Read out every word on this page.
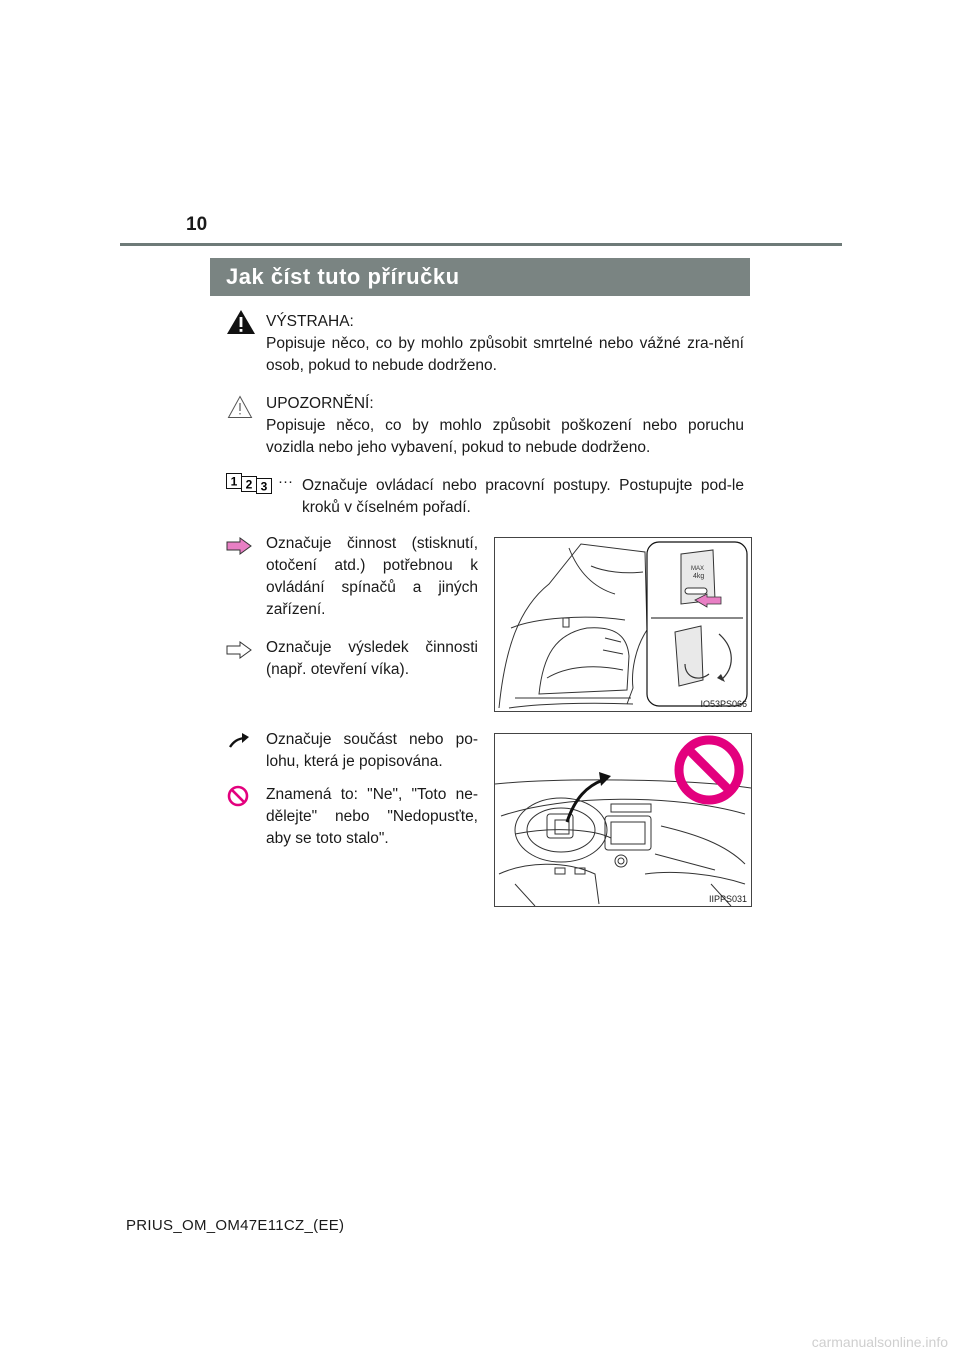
10
Jak číst tuto příručku

VÝSTRAHA:

Popisuje něco, co by mohlo způsobit smrtelné nebo vážné zra-nění osob, pokud to nebude dodrženo.

UPOZORNĚNÍ:

Popisuje něco, co by mohlo způsobit poškození nebo poruchu vozidla nebo jeho vybavení, pokud to nebude dodrženo.

1 2 3 ··· Označuje ovládací nebo pracovní postupy. Postupujte pod-le kroků v číselném pořadí.
Označuje činnost (stisknutí, otočení atd.) potřebnou k ovládání spínačů a jiných zařízení.
Označuje výsledek činnosti (např. otevření víka).
MAX
4kg
IO53PS066
Označuje součást nebo po-lohu, která je popisována.
Znamená to: "Ne", "Toto ne-dělejte" nebo "Nedopusťte, aby se toto stalo".
IIPPS031
PRIUS_OM_OM47E11CZ_(EE)
carmanualsonline.info
